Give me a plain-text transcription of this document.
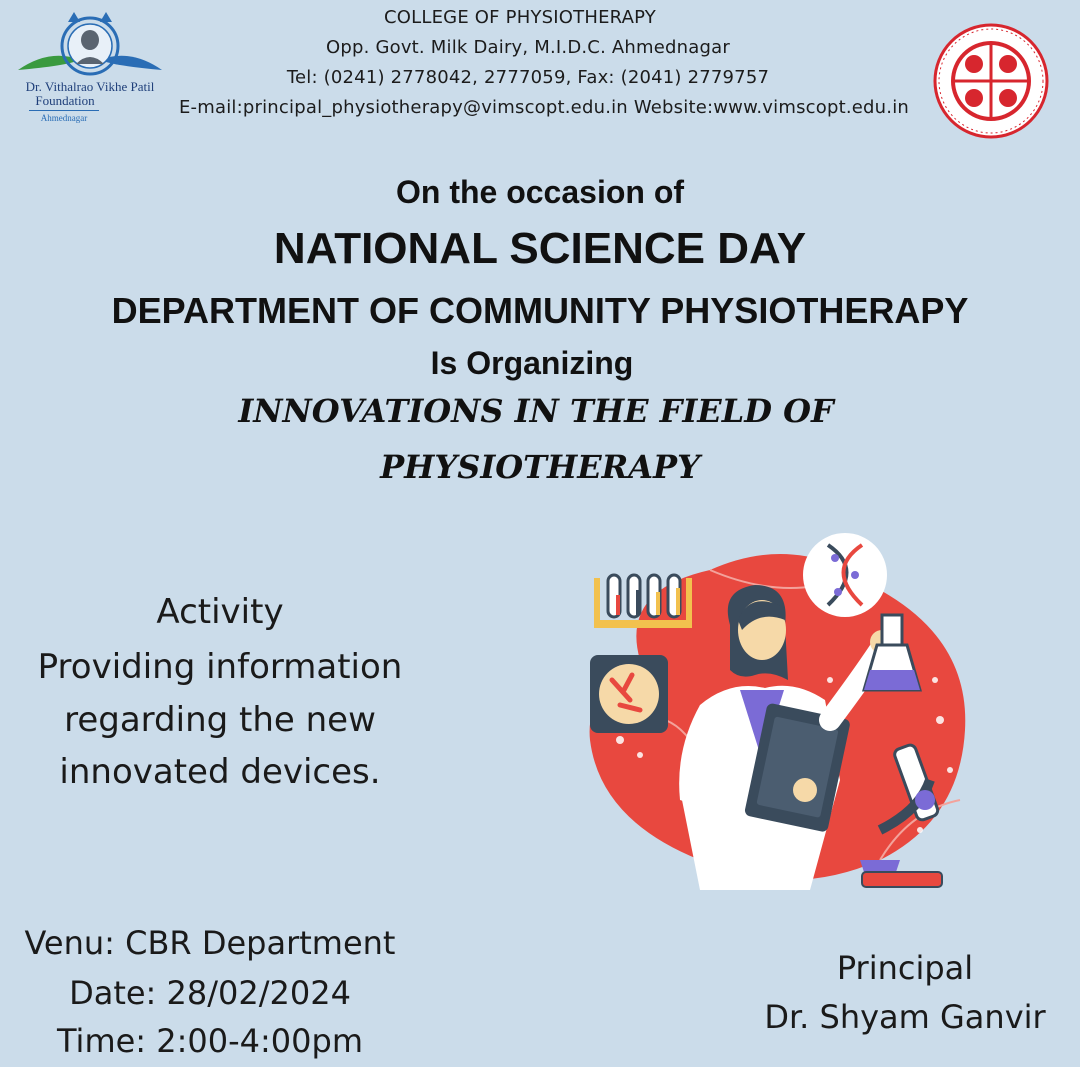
Dr. Vithalrao Vikhe Patil
Foundation
Ahmednagar
COLLEGE OF PHYSIOTHERAPY
Opp. Govt. Milk Dairy, M.I.D.C. Ahmednagar
Tel: (0241) 2778042, 2777059, Fax: (2041) 2779757
E-mail:principal_physiotherapy@vimscopt.edu.in Website:www.vimscopt.edu.in
On the occasion of
NATIONAL SCIENCE DAY
DEPARTMENT OF COMMUNITY PHYSIOTHERAPY
Is Organizing
INNOVATIONS IN THE FIELD OF
PHYSIOTHERAPY
Activity
Providing information
regarding the new
innovated devices.
Venu: CBR Department
Date: 28/02/2024
Time: 2:00-4:00pm
Principal
Dr. Shyam Ganvir
